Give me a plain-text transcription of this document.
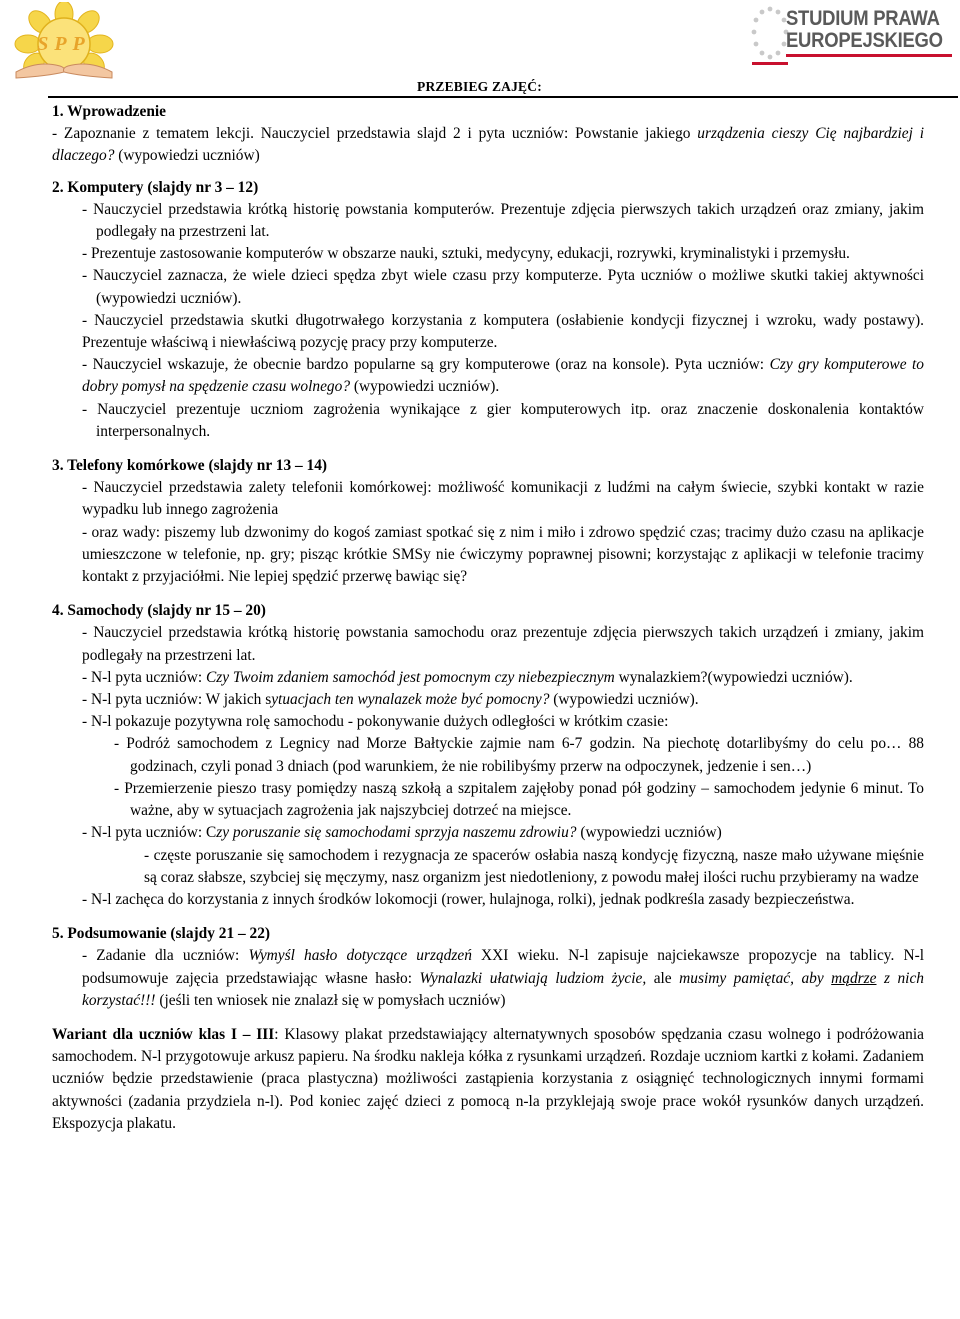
SPP
STUDIUM PRAWA
EUROPEJSKIEGO
PRZEBIEG ZAJĘĆ:

1. Wprowadzenie

- Zapoznanie z tematem lekcji. Nauczyciel przedstawia slajd 2 i pyta uczniów: Powstanie jakiego urządzenia cieszy Cię najbardziej i dlaczego? (wypowiedzi uczniów)

2. Komputery (slajdy nr 3 – 12)

- Nauczyciel przedstawia krótką historię powstania komputerów. Prezentuje zdjęcia pierwszych takich urządzeń oraz zmiany, jakim podlegały na przestrzeni lat.

- Prezentuje zastosowanie komputerów w obszarze nauki, sztuki, medycyny, edukacji, rozrywki, kryminalistyki i przemysłu.

- Nauczyciel zaznacza, że wiele dzieci spędza zbyt wiele czasu przy komputerze. Pyta uczniów o możliwe skutki takiej aktywności (wypowiedzi uczniów).

- Nauczyciel przedstawia skutki długotrwałego korzystania z komputera (osłabienie kondycji fizycznej i wzroku, wady postawy). Prezentuje właściwą i niewłaściwą pozycję pracy przy komputerze.

- Nauczyciel wskazuje, że obecnie bardzo popularne są gry komputerowe (oraz na konsole). Pyta uczniów: Czy gry komputerowe to dobry pomysł na spędzenie czasu wolnego? (wypowiedzi uczniów).

- Nauczyciel prezentuje uczniom zagrożenia wynikające z gier komputerowych itp. oraz znaczenie doskonalenia kontaktów interpersonalnych.

3. Telefony komórkowe (slajdy nr 13 – 14)

- Nauczyciel przedstawia zalety telefonii komórkowej: możliwość komunikacji z ludźmi na całym świecie, szybki kontakt w razie wypadku lub innego zagrożenia

- oraz wady: piszemy lub dzwonimy do kogoś zamiast spotkać się z nim i miło i zdrowo spędzić czas; tracimy dużo czasu na aplikacje umieszczone w telefonie, np. gry; pisząc krótkie SMSy nie ćwiczymy poprawnej pisowni; korzystając z aplikacji w telefonie tracimy kontakt z przyjaciółmi. Nie lepiej spędzić przerwę bawiąc się?

4. Samochody (slajdy nr 15 – 20)

- Nauczyciel przedstawia krótką historię powstania samochodu oraz prezentuje zdjęcia pierwszych takich urządzeń i zmiany, jakim podlegały na przestrzeni lat.

- N-l pyta uczniów: Czy Twoim zdaniem samochód jest pomocnym czy niebezpiecznym wynalazkiem?(wypowiedzi uczniów).

- N-l pyta uczniów: W jakich sytuacjach ten wynalazek może być pomocny? (wypowiedzi uczniów).

- N-l pokazuje pozytywna rolę samochodu - pokonywanie dużych odległości w krótkim czasie:

- Podróż samochodem z Legnicy nad Morze Bałtyckie zajmie nam 6-7 godzin. Na piechotę dotarlibyśmy do celu po… 88 godzinach, czyli ponad 3 dniach (pod warunkiem, że nie robilibyśmy przerw na odpoczynek, jedzenie i sen…)

- Przemierzenie pieszo trasy pomiędzy naszą szkołą a szpitalem zajęłoby ponad pół godziny – samochodem jedynie 6 minut. To ważne, aby w sytuacjach zagrożenia jak najszybciej dotrzeć na miejsce.

- N-l pyta uczniów: Czy poruszanie się samochodami sprzyja naszemu zdrowiu? (wypowiedzi uczniów)

- częste poruszanie się samochodem i rezygnacja ze spacerów osłabia naszą kondycję fizyczną, nasze mało używane mięśnie są coraz słabsze, szybciej się męczymy, nasz organizm jest niedotleniony, z powodu małej ilości ruchu przybieramy na wadze

- N-l zachęca do korzystania z innych środków lokomocji (rower, hulajnoga, rolki), jednak podkreśla zasady bezpieczeństwa.

5. Podsumowanie (slajdy 21 – 22)

- Zadanie dla uczniów: Wymyśl hasło dotyczące urządzeń XXI wieku. N-l zapisuje najciekawsze propozycje na tablicy. N-l podsumowuje zajęcia przedstawiając własne hasło: Wynalazki ułatwiają ludziom życie, ale musimy pamiętać, aby mądrze z nich korzystać!!! (jeśli ten wniosek nie znalazł się w pomysłach uczniów)

Wariant dla uczniów klas I – III: Klasowy plakat przedstawiający alternatywnych sposobów spędzania czasu wolnego i podróżowania samochodem. N-l przygotowuje arkusz papieru. Na środku nakleja kółka z rysunkami urządzeń. Rozdaje uczniom kartki z kołami. Zadaniem uczniów będzie przedstawienie (praca plastyczna) możliwości zastąpienia korzystania z osiągnięć technologicznych innymi formami aktywności (zadania przydziela n-l). Pod koniec zajęć dzieci z pomocą n-la przyklejają swoje prace wokół rysunków danych urządzeń. Ekspozycja plakatu.
